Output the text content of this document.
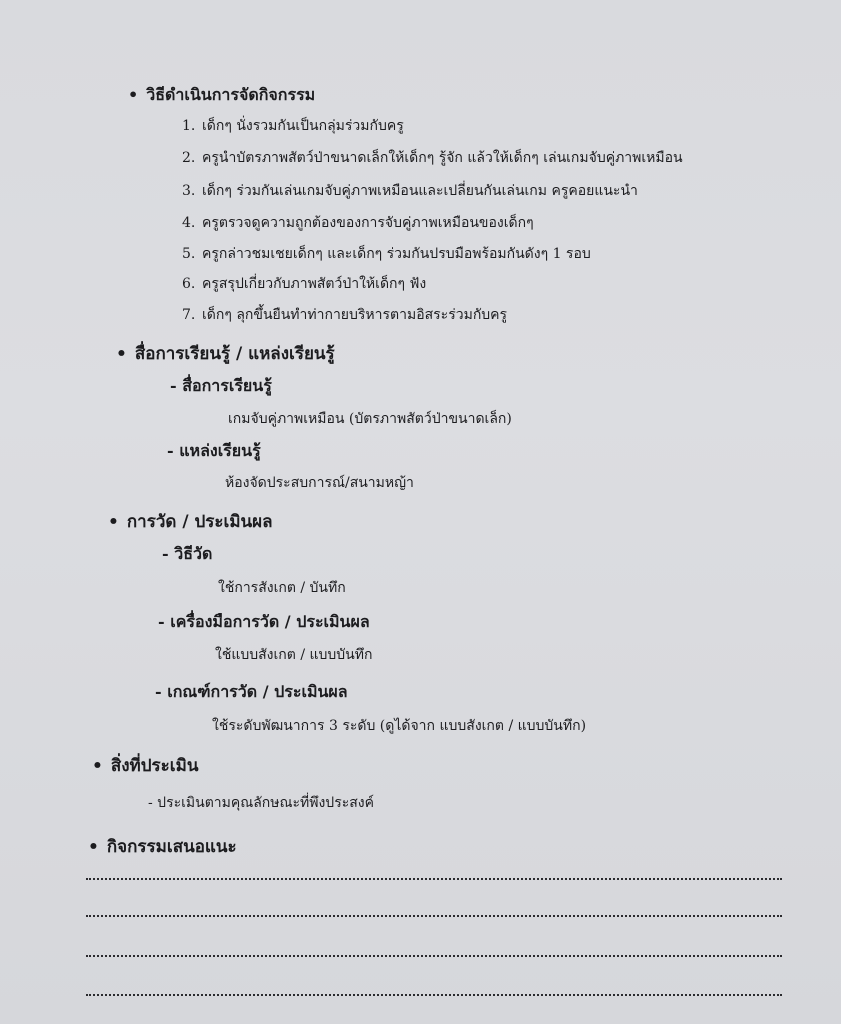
• วิธีดำเนินการจัดกิจกรรม
1. เด็กๆ นั่งรวมกันเป็นกลุ่มร่วมกับครู
2. ครูนำบัตรภาพสัตว์ป่าขนาดเล็กให้เด็กๆ รู้จัก แล้วให้เด็กๆ เล่นเกมจับคู่ภาพเหมือน
3. เด็กๆ ร่วมกันเล่นเกมจับคู่ภาพเหมือนและเปลี่ยนกันเล่นเกม ครูคอยแนะนำ
4. ครูตรวจดูความถูกต้องของการจับคู่ภาพเหมือนของเด็กๆ
5. ครูกล่าวชมเชยเด็กๆ และเด็กๆ ร่วมกันปรบมือพร้อมกันดังๆ 1 รอบ
6. ครูสรุปเกี่ยวกับภาพสัตว์ป่าให้เด็กๆ ฟัง
7. เด็กๆ ลุกขึ้นยืนทำท่ากายบริหารตามอิสระร่วมกับครู
• สื่อการเรียนรู้ / แหล่งเรียนรู้
- สื่อการเรียนรู้
เกมจับคู่ภาพเหมือน (บัตรภาพสัตว์ป่าขนาดเล็ก)
- แหล่งเรียนรู้
ห้องจัดประสบการณ์/สนามหญ้า
• การวัด / ประเมินผล
- วิธีวัด
ใช้การสังเกต / บันทึก
- เครื่องมือการวัด / ประเมินผล
ใช้แบบสังเกต / แบบบันทึก
- เกณฑ์การวัด / ประเมินผล
ใช้ระดับพัฒนาการ 3 ระดับ (ดูได้จาก แบบสังเกต / แบบบันทึก)
• สิ่งที่ประเมิน
- ประเมินตามคุณลักษณะที่พึงประสงค์
• กิจกรรมเสนอแนะ
